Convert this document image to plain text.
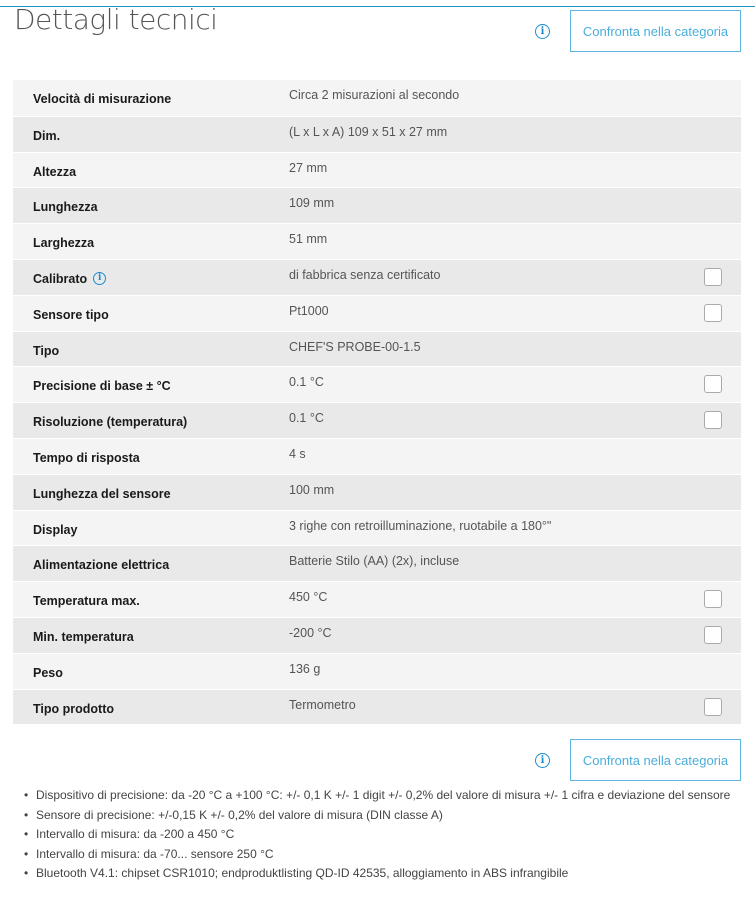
Dettagli tecnici	i	Confronta nella categoria
Velocità di misurazione	Circa 2 misurazioni al secondo
Dim.	(L x L x A) 109 x 51 x 27 mm
Altezza	27 mm
Lunghezza	109 mm
Larghezza	51 mm
Calibrato	i	di fabbrica senza certificato
Sensore tipo	Pt1000
Tipo	CHEF'S PROBE-00-1.5
Precisione di base ± °C	0.1 °C
Risoluzione (temperatura)	0.1 °C
Tempo di risposta	4 s
Lunghezza del sensore	100 mm
Display	3 righe con retroilluminazione, ruotabile a 180°"
Alimentazione elettrica	Batterie Stilo (AA) (2x), incluse
Temperatura max.	450 °C
Min. temperatura	-200 °C
Peso	136 g
Tipo prodotto	Termometro
i	Confronta nella categoria
• Dispositivo di precisione: da -20 °C a +100 °C: +/- 0,1 K +/- 1 digit +/- 0,2% del valore di misura +/- 1 cifra e deviazione del sensore
• Sensore di precisione: +/-0,15 K +/- 0,2% del valore di misura (DIN classe A)
• Intervallo di misura: da -200 a 450 °C
• Intervallo di misura: da -70... sensore 250 °C
• Bluetooth V4.1: chipset CSR1010; endproduktlisting QD-ID 42535, alloggiamento in ABS infrangibile
